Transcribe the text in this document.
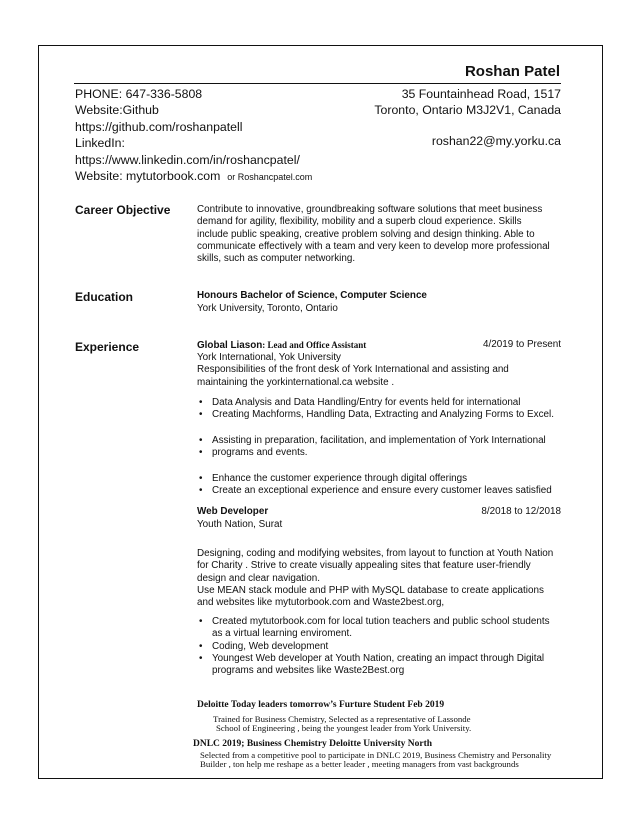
Roshan Patel
PHONE: 647-336-5808
Website:Github
https://github.com/roshanpatell
LinkedIn:
https://www.linkedin.com/in/roshancpatel/
Website: mytutorbook.com or Roshancpatel.com
35 Fountainhead Road, 1517
Toronto, Ontario M3J2V1, Canada
roshan22@my.yorku.ca
Career Objective	Contribute to innovative, groundbreaking software solutions that meet business
demand for agility, flexibility, mobility and a superb cloud experience. Skills
include public speaking, creative problem solving and design thinking. Able to
communicate effectively with a team and very keen to develop more professional
skills, such as computer networking.
Education	Honours Bachelor of Science, Computer Science
York University, Toronto, Ontario
Experience	Global Liason: Lead and Office Assistant	4/2019 to Present
York International, Yok University
Responsibilities of the front desk of York International and assisting and
maintaining the yorkinternational.ca website .
• Data Analysis and Data Handling/Entry for events held for international
• Creating Machforms, Handling Data, Extracting and Analyzing Forms to Excel.
• Assisting in preparation, facilitation, and implementation of York International
• programs and events.
• Enhance the customer experience through digital offerings
• Create an exceptional experience and ensure every customer leaves satisfied
Web Developer	8/2018 to 12/2018
Youth Nation, Surat
Designing, coding and modifying websites, from layout to function at Youth Nation
for Charity . Strive to create visually appealing sites that feature user-friendly
design and clear navigation.
Use MEAN stack module and PHP with MySQL database to create applications
and websites like mytutorbook.com and Waste2best.org,
• Created mytutorbook.com for local tution teachers and public school students
as a virtual learning enviroment.
• Coding, Web development
• Youngest Web developer at Youth Nation, creating an impact through Digital
programs and websites like Waste2Best.org
Deloitte Today leaders tomorrow’s Furture Student Feb 2019
Trained for Business Chemistry, Selected as a representative of Lassonde
School of Engineering , being the youngest leader from York University.
DNLC 2019; Business Chemistry Deloitte University North
Selected from a competitive pool to participate in DNLC 2019, Business Chemistry and Personality
Builder , ton help me reshape as a better leader , meeting managers from vast backgrounds
